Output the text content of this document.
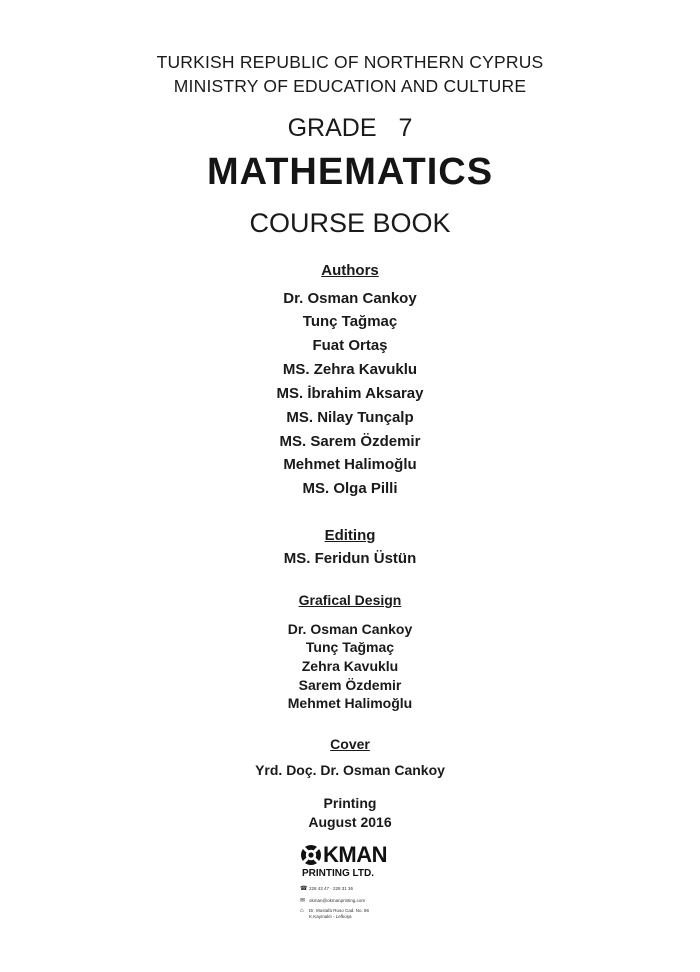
TURKISH REPUBLIC OF NORTHERN CYPRUS
MINISTRY OF EDUCATION AND CULTURE
GRADE 7
MATHEMATICS
COURSE BOOK
Authors
Dr. Osman Cankoy
Tunç Tağmaç
Fuat Ortaş
MS. Zehra Kavuklu
MS. İbrahim Aksaray
MS. Nilay Tunçalp
MS. Sarem Özdemir
Mehmet Halimoğlu
MS. Olga Pilli
Editing
MS. Feridun Üstün
Grafical Design
Dr. Osman Cankoy
Tunç Tağmaç
Zehra Kavuklu
Sarem Özdemir
Mehmet Halimoğlu
Cover
Yrd. Doç. Dr. Osman Cankoy
Printing
August 2016
KMAN
PRINTING LTD.
☎ 228 43 47 · 228 31 36
✉ okman@okmanprinting.com
⌂	Dr. Mustafa Ruso Cad. No. 86
K.Kaymaklı - Lefkoşa
